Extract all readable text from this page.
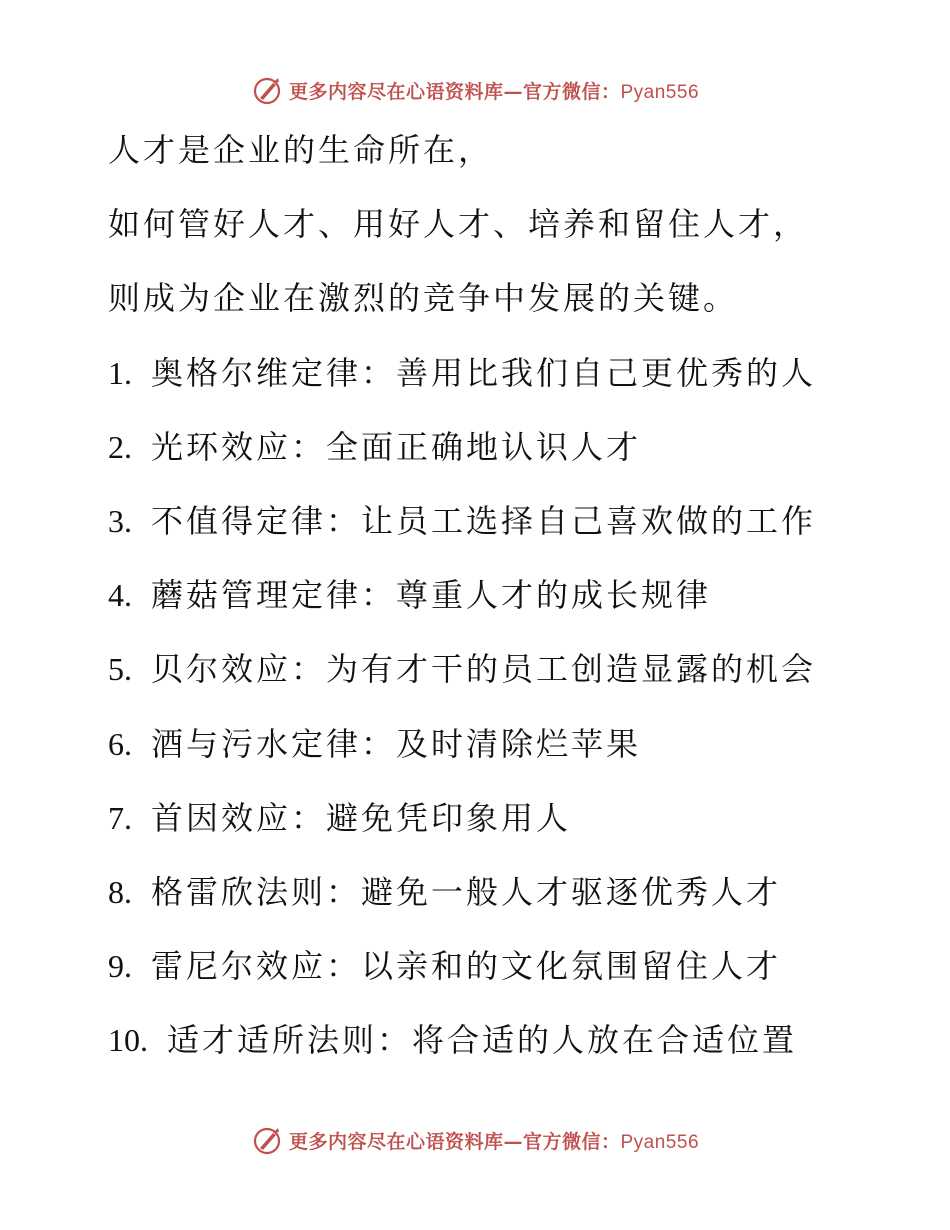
更多内容尽在心语资料库—官方微信：Pyan556
人才是企业的生命所在，
如何管好人才、用好人才、培养和留住人才，
则成为企业在激烈的竞争中发展的关键。
1.  奥格尔维定律：善用比我们自己更优秀的人
2.  光环效应：全面正确地认识人才
3.  不值得定律：让员工选择自己喜欢做的工作
4.  蘑菇管理定律：尊重人才的成长规律
5.  贝尔效应：为有才干的员工创造显露的机会
6.  酒与污水定律：及时清除烂苹果
7.  首因效应：避免凭印象用人
8.  格雷欣法则：避免一般人才驱逐优秀人才
9.  雷尼尔效应：以亲和的文化氛围留住人才
10.  适才适所法则：将合适的人放在合适位置
更多内容尽在心语资料库—官方微信：Pyan556
